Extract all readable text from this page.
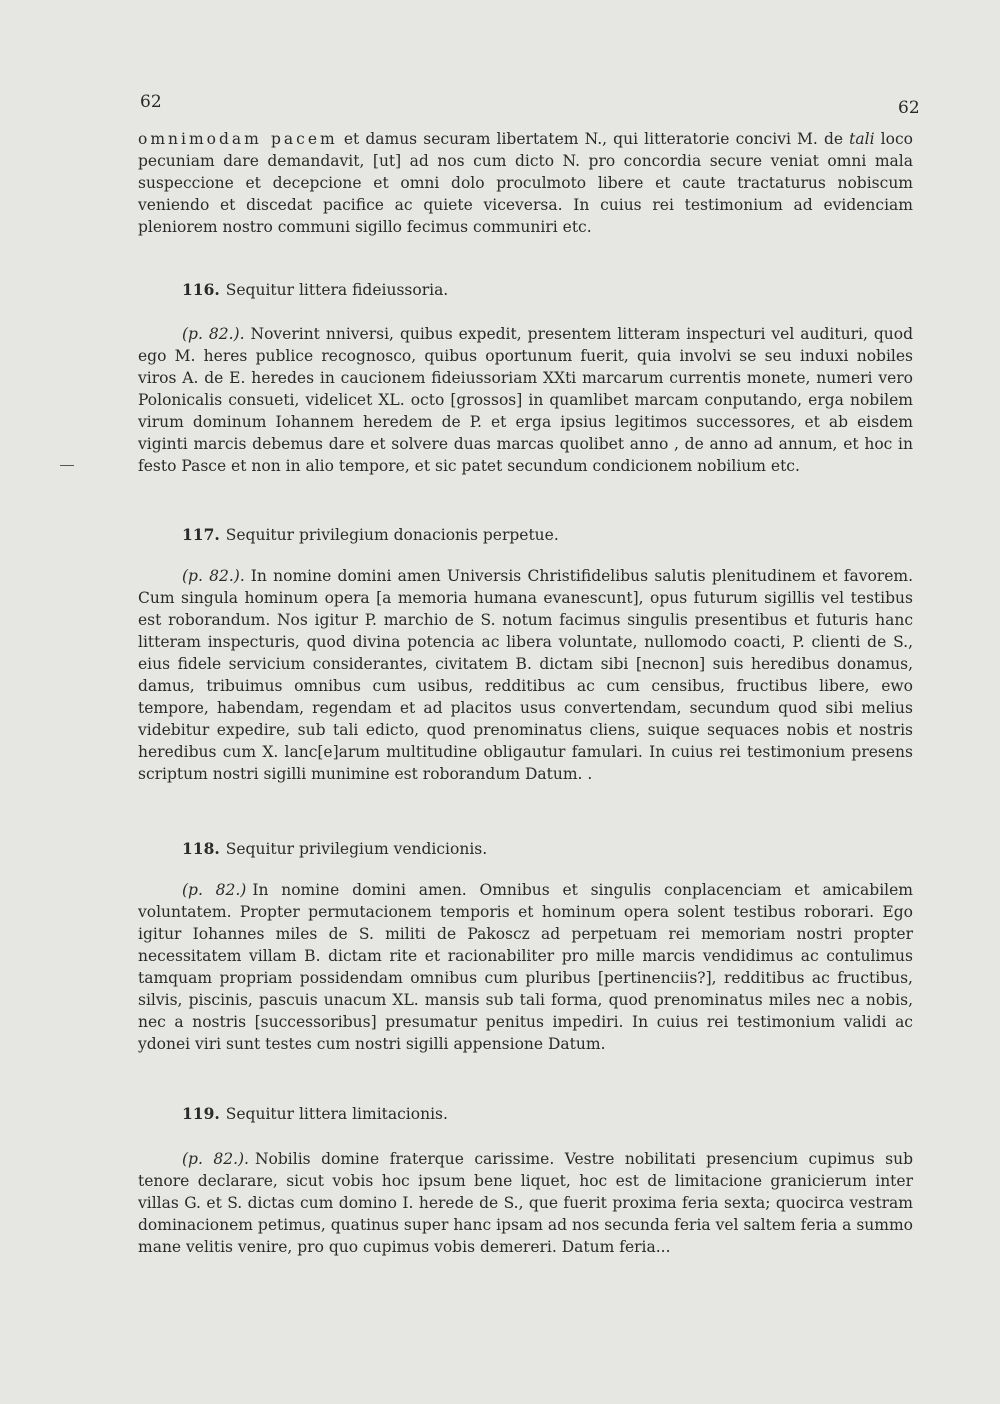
62	62

omnimodam pacem et damus securam libertatem N., qui litteratorie concivi M. de tali loco pecuniam dare demandavit, [ut] ad nos cum dicto N. pro concordia secure veniat omni mala suspeccione et decepcione et omni dolo proculmoto libere et caute tractaturus nobiscum veniendo et discedat pacifice ac quiete viceversa. In cuius rei testimonium ad evidenciam pleniorem nostro communi sigillo fecimus communiri etc.

116. Sequitur littera fideiussoria.

(p. 82.). Noverint nniversi, quibus expedit, presentem litteram inspecturi vel audituri, quod ego M. heres publice recognosco, quibus oportunum fuerit, quia involvi se seu induxi nobiles viros A. de E. heredes in caucionem fideiussoriam XXti marcarum currentis monete, numeri vero Polonicalis consueti, videlicet XL. octo [grossos] in quamlibet marcam conputando, erga nobilem virum dominum Iohannem heredem de P. et erga ipsius legitimos successores, et ab eisdem viginti marcis debemus dare et solvere duas marcas quolibet anno , de anno ad annum, et hoc in festo Pasce et non in alio tempore, et sic patet secundum condicionem nobilium etc.

117. Sequitur privilegium donacionis perpetue.

(p. 82.). In nomine domini amen Universis Christifidelibus salutis plenitudinem et favorem. Cum singula hominum opera [a memoria humana evanescunt], opus futurum sigillis vel testibus est roborandum. Nos igitur P. marchio de S. notum facimus singulis presentibus et futuris hanc litteram inspecturis, quod divina potencia ac libera voluntate, nullomodo coacti, P. clienti de S., eius fidele servicium considerantes, civitatem B. dictam sibi [necnon] suis heredibus donamus, damus, tribuimus omnibus cum usibus, redditibus ac cum censibus, fructibus libere, ewo tempore, habendam, regendam et ad placitos usus convertendam, secundum quod sibi melius videbitur expedire, sub tali edicto, quod prenominatus cliens, suique sequaces nobis et nostris heredibus cum X. lanc[e]arum multitudine obligautur famulari. In cuius rei testimonium presens scriptum nostri sigilli munimine est roborandum Datum. .

118. Sequitur privilegium vendicionis.

(p. 82.) In nomine domini amen. Omnibus et singulis conplacenciam et amicabilem voluntatem. Propter permutacionem temporis et hominum opera solent testibus roborari. Ego igitur Iohannes miles de S. militi de Pakoscz ad perpetuam rei memoriam nostri propter necessitatem villam B. dictam rite et racionabiliter pro mille marcis vendidimus ac contulimus tamquam propriam possidendam omnibus cum pluribus [pertinenciis?], redditibus ac fructibus, silvis, piscinis, pascuis unacum XL. mansis sub tali forma, quod prenominatus miles nec a nobis, nec a nostris [successoribus] presumatur penitus impediri. In cuius rei testimonium validi ac ydonei viri sunt testes cum nostri sigilli appensione Datum.

119. Sequitur littera limitacionis.

(p. 82.). Nobilis domine fraterque carissime. Vestre nobilitati presencium cupimus sub tenore declarare, sicut vobis hoc ipsum bene liquet, hoc est de limitacione granicierum inter villas G. et S. dictas cum domino I. herede de S., que fuerit proxima feria sexta; quocirca vestram dominacionem petimus, quatinus super hanc ipsam ad nos secunda feria vel saltem feria a summo mane velitis venire, pro quo cupimus vobis demereri. Datum feria...
